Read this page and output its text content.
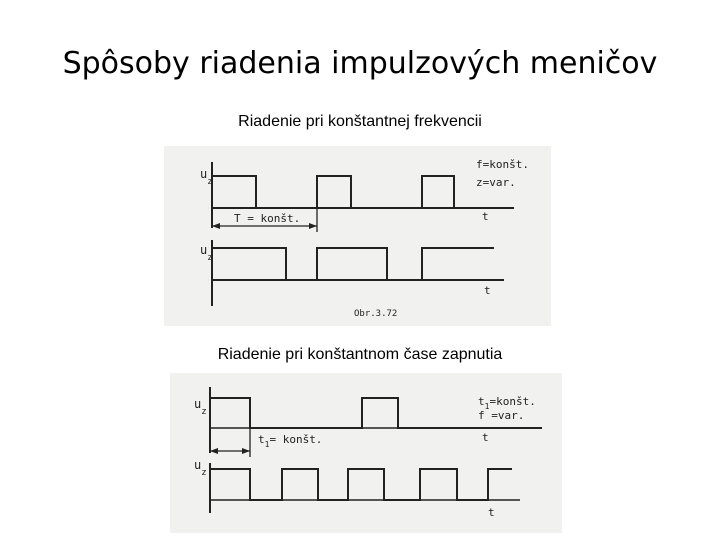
Spôsoby riadenia impulzových meničov
Riadenie pri konštantnej frekvencii
$u_z$
$u_z$
f=konšt.
z=var.
T = konšt.	t
t
Obr.3.72
Riadenie pri konštantnom čase zapnutia
$u_z$
$u_z$
$t_1=$ konšt.
$t_1=konšt$.
f =var.
t
t
